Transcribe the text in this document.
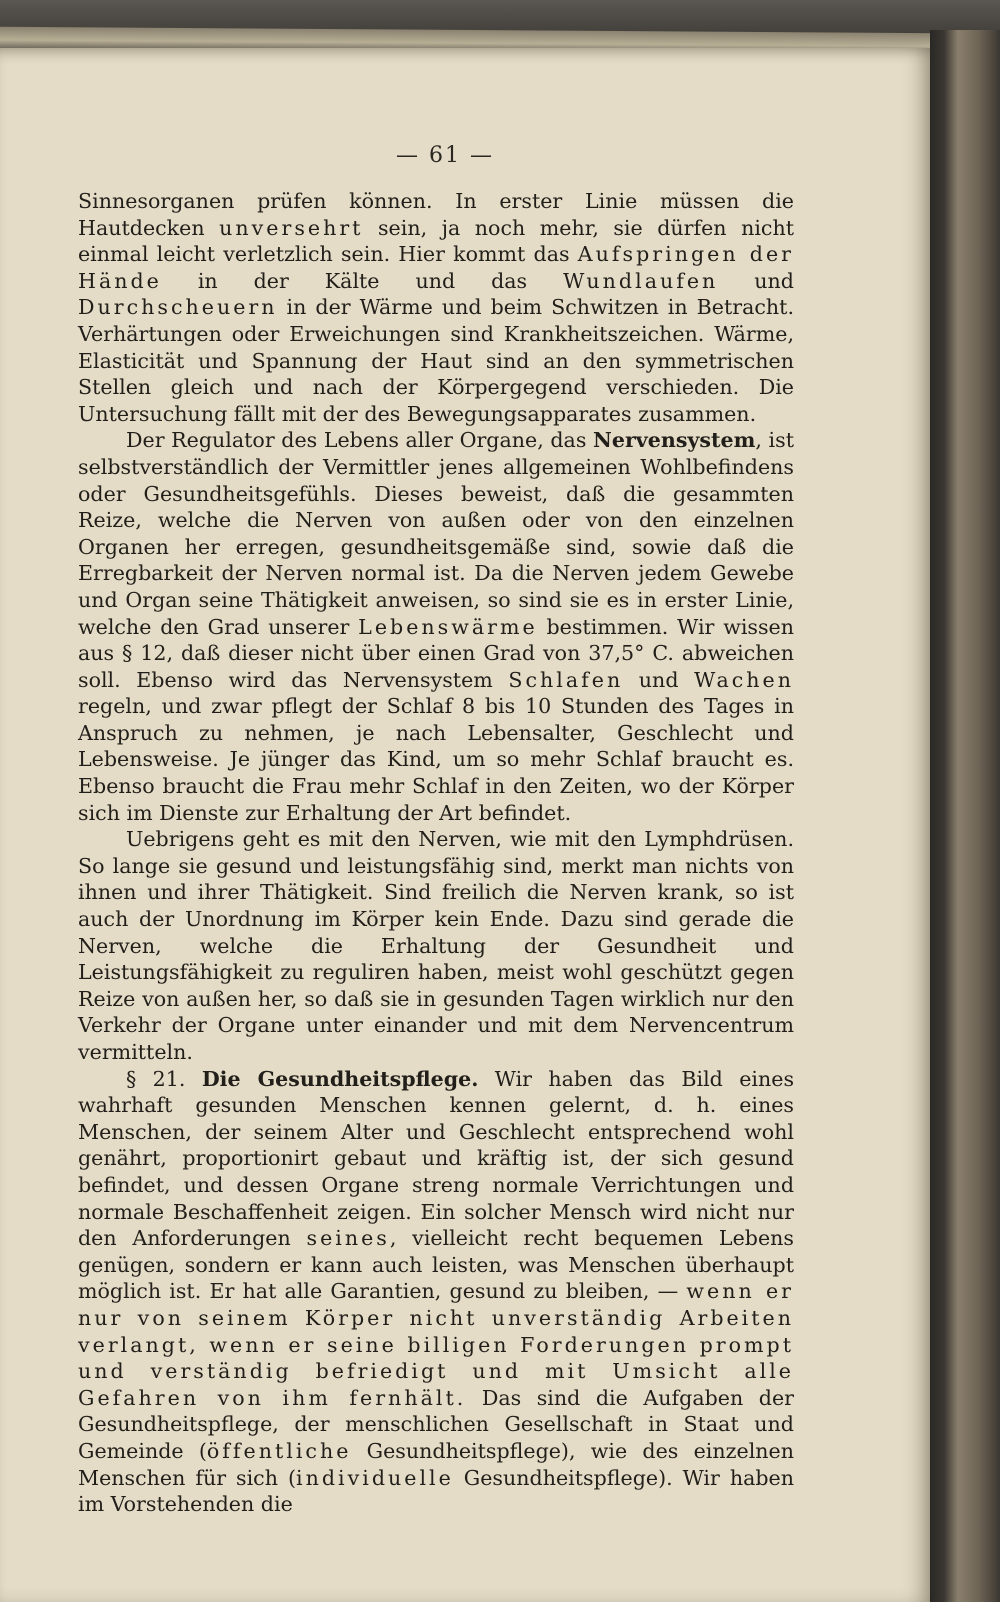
— 61 —

Sinnesorganen prüfen können. In erster Linie müssen die Hautdecken unversehrt sein, ja noch mehr, sie dürfen nicht einmal leicht verletzlich sein. Hier kommt das Aufspringen der Hände in der Kälte und das Wundlaufen und Durchscheuern in der Wärme und beim Schwitzen in Betracht. Verhärtungen oder Erweichungen sind Krankheitszeichen. Wärme, Elasticität und Spannung der Haut sind an den symmetrischen Stellen gleich und nach der Körpergegend verschieden. Die Untersuchung fällt mit der des Bewegungsapparates zusammen.

Der Regulator des Lebens aller Organe, das Nervensystem, ist selbstverständlich der Vermittler jenes allgemeinen Wohlbefindens oder Gesundheitsgefühls. Dieses beweist, daß die gesammten Reize, welche die Nerven von außen oder von den einzelnen Organen her erregen, gesundheitsgemäße sind, sowie daß die Erregbarkeit der Nerven normal ist. Da die Nerven jedem Gewebe und Organ seine Thätigkeit anweisen, so sind sie es in erster Linie, welche den Grad unserer Lebenswärme bestimmen. Wir wissen aus § 12, daß dieser nicht über einen Grad von 37,5° C. abweichen soll. Ebenso wird das Nervensystem Schlafen und Wachen regeln, und zwar pflegt der Schlaf 8 bis 10 Stunden des Tages in Anspruch zu nehmen, je nach Lebensalter, Geschlecht und Lebensweise. Je jünger das Kind, um so mehr Schlaf braucht es. Ebenso braucht die Frau mehr Schlaf in den Zeiten, wo der Körper sich im Dienste zur Erhaltung der Art befindet.

Uebrigens geht es mit den Nerven, wie mit den Lymphdrüsen. So lange sie gesund und leistungsfähig sind, merkt man nichts von ihnen und ihrer Thätigkeit. Sind freilich die Nerven krank, so ist auch der Unordnung im Körper kein Ende. Dazu sind gerade die Nerven, welche die Erhaltung der Gesundheit und Leistungsfähigkeit zu reguliren haben, meist wohl geschützt gegen Reize von außen her, so daß sie in gesunden Tagen wirklich nur den Verkehr der Organe unter einander und mit dem Nervencentrum vermitteln.

§ 21. Die Gesundheitspflege. Wir haben das Bild eines wahrhaft gesunden Menschen kennen gelernt, d. h. eines Menschen, der seinem Alter und Geschlecht entsprechend wohl genährt, proportionirt gebaut und kräftig ist, der sich gesund befindet, und dessen Organe streng normale Verrichtungen und normale Beschaffenheit zeigen. Ein solcher Mensch wird nicht nur den Anforderungen seines, vielleicht recht bequemen Lebens genügen, sondern er kann auch leisten, was Menschen überhaupt möglich ist. Er hat alle Garantien, gesund zu bleiben, — wenn er nur von seinem Körper nicht unverständig Arbeiten verlangt, wenn er seine billigen Forderungen prompt und verständig befriedigt und mit Umsicht alle Gefahren von ihm fernhält. Das sind die Aufgaben der Gesundheitspflege, der menschlichen Gesellschaft in Staat und Gemeinde (öffentliche Gesundheitspflege), wie des einzelnen Menschen für sich (individuelle Gesundheitspflege). Wir haben im Vorstehenden die
